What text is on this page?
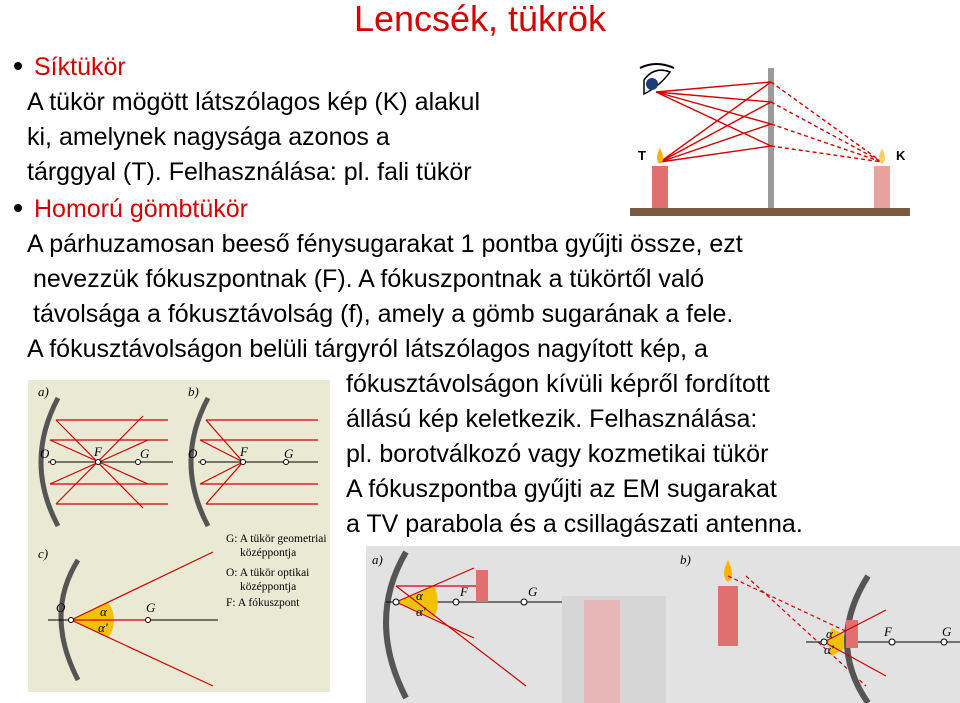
Lencsék, tükrök
Síktükör
A tükör mögött látszólagos kép (K) alakul
ki, amelynek nagysága azonos a
tárggyal (T). Felhasználása: pl. fali tükör
Homorú gömbtükör
A párhuzamosan beeső fénysugarakat 1 pontba gyűjti össze, ezt
nevezzük fókuszpontnak (F). A fókuszpontnak a tükörtől való
távolsága a fókusztávolság (f), amely a gömb sugarának a fele.
A fókusztávolságon belüli tárgyról látszólagos nagyított kép, a
fókusztávolságon kívüli képről fordított
állású kép keletkezik. Felhasználása:
pl. borotválkozó vagy kozmetikai tükör
A fókuszpontba gyűjti az EM sugarakat
a TV parabola és a csillagászati antenna.
T	K
a)	b)
c)
O	F	G	O	F	G
O	G
α
α'
G: A tükör geometriai
középpontja
O: A tükör optikai
középpontja
F: A fókuszpont
a)
F	G
α
α'
b)
F	G
α
α'
